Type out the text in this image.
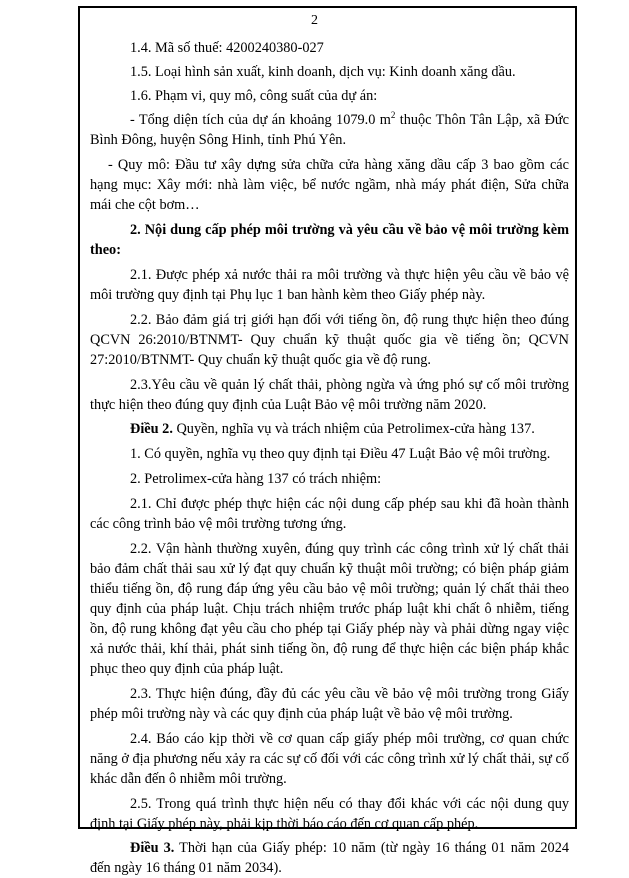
2

1.4. Mã số thuế: 4200240380-027

1.5. Loại hình sản xuất, kinh doanh, dịch vụ: Kinh doanh xăng dầu.

1.6. Phạm vi, quy mô, công suất của dự án:

- Tổng diện tích của dự án khoảng 1079.0 $m^2$ thuộc Thôn Tân Lập, xã Đức Bình Đông, huyện Sông Hinh, tỉnh Phú Yên.

- Quy mô: Đầu tư xây dựng sửa chữa cửa hàng xăng dầu cấp 3 bao gồm các hạng mục: Xây mới: nhà làm việc, bể nước ngầm, nhà máy phát điện, Sửa chữa mái che cột bơm…

2. Nội dung cấp phép môi trường và yêu cầu về bảo vệ môi trường kèm theo:

2.1. Được phép xả nước thải ra môi trường và thực hiện yêu cầu về bảo vệ môi trường quy định tại Phụ lục 1 ban hành kèm theo Giấy phép này.

2.2. Bảo đảm giá trị giới hạn đối với tiếng ồn, độ rung thực hiện theo đúng QCVN 26:2010/BTNMT- Quy chuẩn kỹ thuật quốc gia về tiếng ồn; QCVN 27:2010/BTNMT- Quy chuẩn kỹ thuật quốc gia về độ rung.

2.3.Yêu cầu về quản lý chất thải, phòng ngừa và ứng phó sự cố môi trường thực hiện theo đúng quy định của Luật Bảo vệ môi trường năm 2020.

Điều 2. Quyền, nghĩa vụ và trách nhiệm của Petrolimex-cửa hàng 137.

1. Có quyền, nghĩa vụ theo quy định tại Điều 47 Luật Bảo vệ môi trường.

2. Petrolimex-cửa hàng 137 có trách nhiệm:

2.1. Chỉ được phép thực hiện các nội dung cấp phép sau khi đã hoàn thành các công trình bảo vệ môi trường tương ứng.

2.2. Vận hành thường xuyên, đúng quy trình các công trình xử lý chất thải bảo đảm chất thải sau xử lý đạt quy chuẩn kỹ thuật môi trường; có biện pháp giảm thiểu tiếng ồn, độ rung đáp ứng yêu cầu bảo vệ môi trường; quản lý chất thải theo quy định của pháp luật. Chịu trách nhiệm trước pháp luật khi chất ô nhiễm, tiếng ồn, độ rung không đạt yêu cầu cho phép tại Giấy phép này và phải dừng ngay việc xả nước thải, khí thải, phát sinh tiếng ồn, độ rung để thực hiện các biện pháp khắc phục theo quy định của pháp luật.

2.3. Thực hiện đúng, đầy đủ các yêu cầu về bảo vệ môi trường trong Giấy phép môi trường này và các quy định của pháp luật về bảo vệ môi trường.

2.4. Báo cáo kịp thời về cơ quan cấp giấy phép môi trường, cơ quan chức năng ở địa phương nếu xảy ra các sự cố đối với các công trình xử lý chất thải, sự cố khác dẫn đến ô nhiễm môi trường.

2.5. Trong quá trình thực hiện nếu có thay đổi khác với các nội dung quy định tại Giấy phép này, phải kịp thời báo cáo đến cơ quan cấp phép.

Điều 3. Thời hạn của Giấy phép: 10 năm (từ ngày 16 tháng 01 năm 2024 đến ngày 16 tháng 01 năm 2034).
